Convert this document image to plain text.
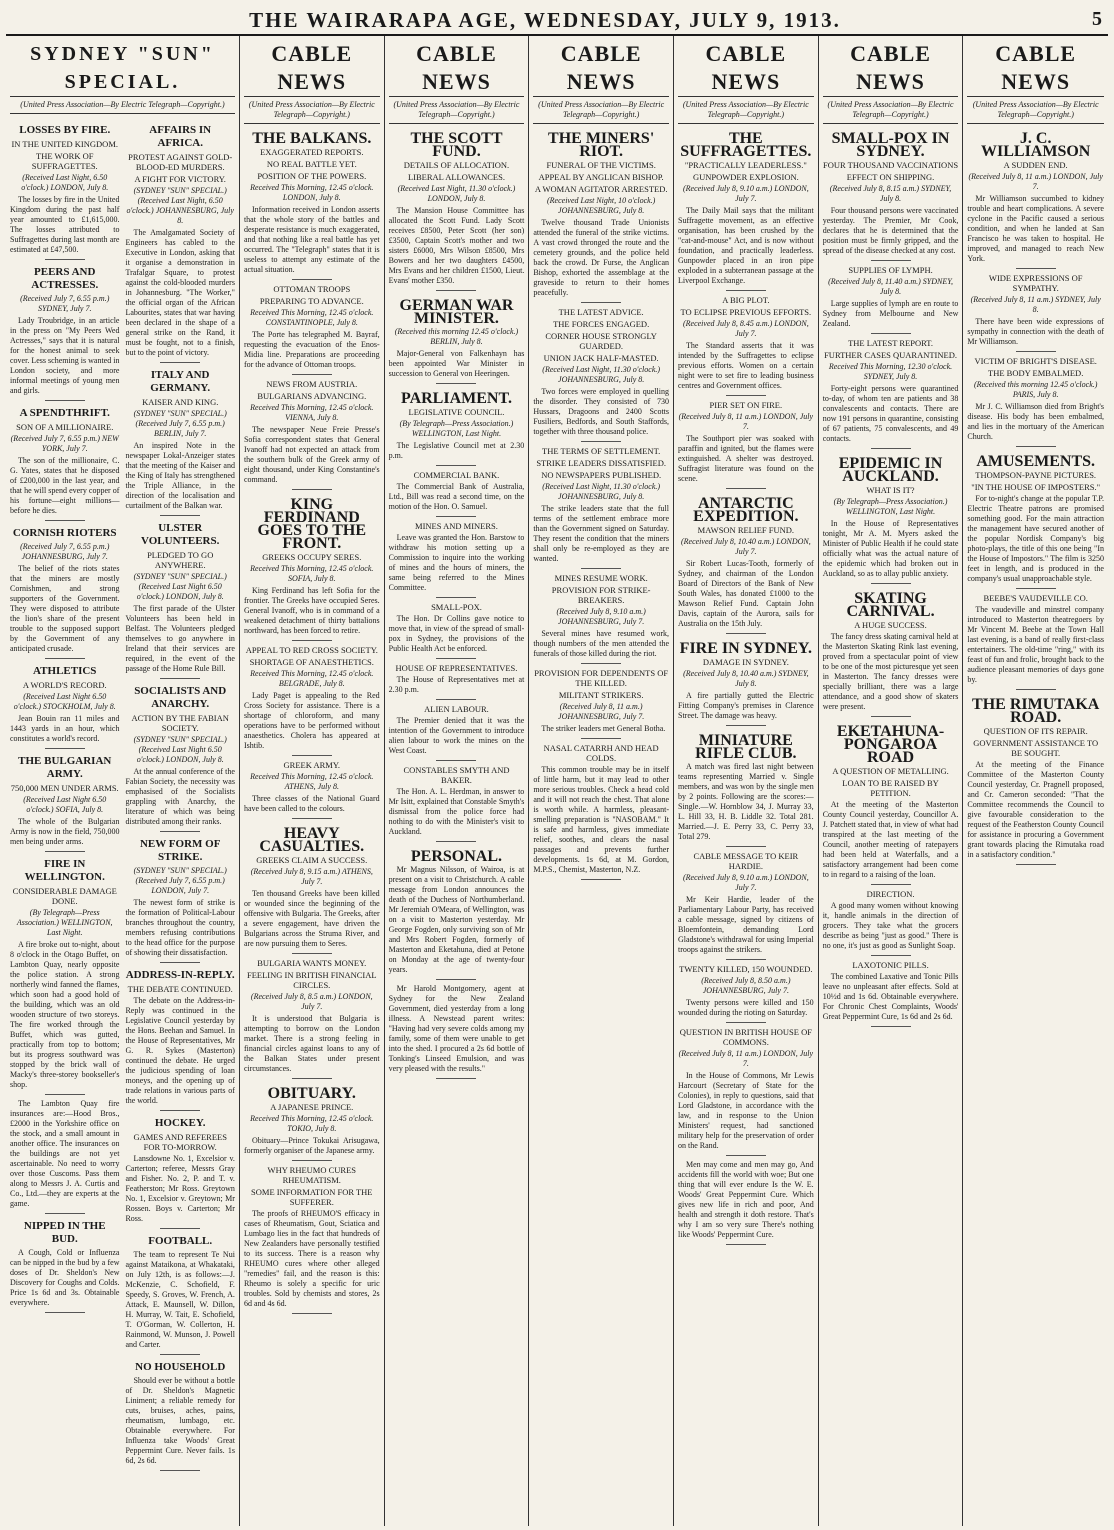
THE WAIRARAPA AGE, WEDNESDAY, JULY 9, 1913.	5
SYDNEY "SUN" SPECIAL.
(United Press Association—By Electric Telegraph—Copyright.)
LOSSES BY FIRE.
IN THE UNITED KINGDOM.
THE WORK OF SUFFRAGETTES.
(Received Last Night, 6.50 o'clock.) LONDON, July 8.
The losses by fire in the United Kingdom during the past half year amounted to £1,615,000. The losses attributed to Suffragettes during last month are estimated at £47,500.
PEERS AND ACTRESSES.
(Received July 7, 6.55 p.m.) SYDNEY, July 7.
Lady Troubridge, in an article in the press on "My Peers Wed Actresses," says that it is natural for the honest animal to seek cover. Less scheming is wanted in London society, and more informal meetings of young men and girls.
A SPENDTHRIFT.
SON OF A MILLIONAIRE.
(Received July 7, 6.55 p.m.) NEW YORK, July 7.
The son of the millionaire, C. G. Yates, states that he disposed of £200,000 in the last year, and that he will spend every copper of his fortune—eight millions—before he dies.
CORNISH RIOTERS
(Received July 7, 6.55 p.m.) JOHANNESBURG, July 7.
The belief of the riots states that the miners are mostly Cornishmen, and strong supporters of the Government. They were disposed to attribute the lion's share of the present trouble to the supposed support by the Government of any anticipated crusade.
ATHLETICS
A WORLD'S RECORD.
(Received Last Night 6.50 o'clock.) STOCKHOLM, July 8.
Jean Bouin ran 11 miles and 1443 yards in an hour, which constitutes a world's record.
THE BULGARIAN ARMY.
750,000 MEN UNDER ARMS.
(Received Last Night 6.50 o'clock.) SOFIA, July 8.
The whole of the Bulgarian Army is now in the field, 750,000 men being under arms.
FIRE IN WELLINGTON.
CONSIDERABLE DAMAGE DONE.
(By Telegraph—Press Association.) WELLINGTON, Last Night.
A fire broke out to-night, about 8 o'clock in the Otago Buffet, on Lambton Quay, nearly opposite the police station. A strong northerly wind fanned the flames, which soon had a good hold of the building, which was an old wooden structure of two storeys. The fire worked through the Buffet, which was gutted, practically from top to bottom; but its progress southward was stopped by the brick wall of Macky's three-storey bookseller's shop.
The Lambton Quay fire insurances are:—Hood Bros., £2000 in the Yorkshire office on the stock, and a small amount in another office. The insurances on the buildings are not yet ascertainable. No need to worry over those Cuscoms. Pass them along to Messrs J. A. Curtis and Co., Ltd.—they are experts at the game.
NIPPED IN THE BUD.
A Cough, Cold or Influenza can be nipped in the bud by a few doses of Dr. Sheldon's New Discovery for Coughs and Colds. Price 1s 6d and 3s. Obtainable everywhere.
AFFAIRS IN AFRICA.
PROTEST AGAINST GOLD-BLOOD-ED MURDERS.
A FIGHT FOR VICTORY.
(SYDNEY "SUN" SPECIAL.) (Received Last Night, 6.50 o'clock.) JOHANNESBURG, July 8.
The Amalgamated Society of Engineers has cabled to the Executive in London, asking that it organise a demonstration in Trafalgar Square, to protest against the cold-blooded murders in Johannesburg. "The Worker," the official organ of the African Labourites, states that war having been declared in the shape of a general strike on the Rand, it must be fought, not to a finish, but to the point of victory.
ITALY AND GERMANY.
KAISER AND KING.
(SYDNEY "SUN" SPECIAL.) (Received July 7, 6.55 p.m.) BERLIN, July 7.
An inspired Note in the newspaper Lokal-Anzeiger states that the meeting of the Kaiser and the King of Italy has strengthened the Triple Alliance, in the direction of the localisation and curtailment of the Balkan war.
ULSTER VOLUNTEERS.
PLEDGED TO GO ANYWHERE.
(SYDNEY "SUN" SPECIAL.) (Received Last Night 6.50 o'clock.) LONDON, July 8.
The first parade of the Ulster Volunteers has been held in Belfast. The Volunteers pledged themselves to go anywhere in Ireland that their services are required, in the event of the passage of the Home Rule Bill.
SOCIALISTS AND ANARCHY.
ACTION BY THE FABIAN SOCIETY.
(SYDNEY "SUN" SPECIAL.) (Received Last Night 6.50 o'clock.) LONDON, July 8.
At the annual conference of the Fabian Society, the necessity was emphasised of the Socialists grappling with Anarchy, the literature of which was being distributed among their ranks.
NEW FORM OF STRIKE.
(SYDNEY "SUN" SPECIAL.) (Received July 7, 6.55 p.m.) LONDON, July 7.
The newest form of strike is the formation of Political-Labour branches throughout the country, members refusing contributions to the head office for the purpose of showing their dissatisfaction.
ADDRESS-IN-REPLY.
THE DEBATE CONTINUED.
The debate on the Address-in-Reply was continued in the Legislative Council yesterday by the Hons. Beehan and Samuel. In the House of Representatives, Mr G. R. Sykes (Masterton) continued the debate. He urged the judicious spending of loan moneys, and the opening up of trade relations in various parts of the world.
HOCKEY.
GAMES AND REFEREES FOR TO-MORROW.
Lansdowne No. 1, Excelsior v. Carterton; referee, Messrs Gray and Fisher. No. 2, P. and T. v. Featherston; Mr Ross. Greytown No. 1, Excelsior v. Greytown; Mr Rossen. Boys v. Carterton; Mr Ross.
FOOTBALL.
The team to represent Te Nui against Mataikona, at Whakataki, on July 12th, is as follows:—J. McKenzie, C. Schofield, F. Speedy, S. Groves, W. French, A. Attack, E. Maunsell, W. Dillon, H. Murray, W. Tait, E. Schofield, T. O'Gorman, W. Collerton, H. Rainmond, W. Munson, J. Powell and Carter.
NO HOUSEHOLD
Should ever be without a bottle of Dr. Sheldon's Magnetic Liniment; a reliable remedy for cuts, bruises, aches, pains, rheumatism, lumbago, etc. Obtainable everywhere. For Influenza take Woods' Great Peppermint Cure. Never fails. 1s 6d, 2s 6d.
CABLE NEWS
(United Press Association—By Electric Telegraph—Copyright.)
THE BALKANS.
EXAGGERATED REPORTS.
NO REAL BATTLE YET.
POSITION OF THE POWERS.
Received This Morning, 12.45 o'clock. LONDON, July 8.
Information received in London asserts that the whole story of the battles and desperate resistance is much exaggerated, and that nothing like a real battle has yet occurred. The "Telegraph" states that it is useless to attempt any estimate of the actual situation.
OTTOMAN TROOPS
PREPARING TO ADVANCE.
Received This Morning, 12.45 o'clock. CONSTANTINOPLE, July 8.
The Porte has telegraphed M. Bayraf, requesting the evacuation of the Enos-Midia line. Preparations are proceeding for the advance of Ottoman troops.
NEWS FROM AUSTRIA.
BULGARIANS ADVANCING.
Received This Morning, 12.45 o'clock. VIENNA, July 8.
The newspaper Neue Freie Presse's Sofia correspondent states that General Ivanoff had not expected an attack from the southern bulk of the Greek army of eight thousand, under King Constantine's command.
KING FERDINAND GOES TO THE FRONT.
GREEKS OCCUPY SERES.
Received This Morning, 12.45 o'clock. SOFIA, July 8.
King Ferdinand has left Sofia for the frontier. The Greeks have occupied Seres. General Ivanoff, who is in command of a weakened detachment of thirty battalions northward, has been forced to retire.
APPEAL TO RED CROSS SOCIETY.
SHORTAGE OF ANAESTHETICS.
Received This Morning, 12.45 o'clock. BELGRADE, July 8.
Lady Paget is appealing to the Red Cross Society for assistance. There is a shortage of chloroform, and many operations have to be performed without anaesthetics. Cholera has appeared at Ishtib.
GREEK ARMY.
Received This Morning, 12.45 o'clock. ATHENS, July 8.
Three classes of the National Guard have been called to the colours.
HEAVY CASUALTIES.
GREEKS CLAIM A SUCCESS.
(Received July 8, 9.15 a.m.) ATHENS, July 7.
Ten thousand Greeks have been killed or wounded since the beginning of the offensive with Bulgaria. The Greeks, after a severe engagement, have driven the Bulgarians across the Struma River, and are now pursuing them to Seres.
BULGARIA WANTS MONEY.
FEELING IN BRITISH FINANCIAL CIRCLES.
(Received July 8, 8.5 a.m.) LONDON, July 7.
It is understood that Bulgaria is attempting to borrow on the London market. There is a strong feeling in financial circles against loans to any of the Balkan States under present circumstances.
OBITUARY.
A JAPANESE PRINCE.
Received This Morning, 12.45 o'clock. TOKIO, July 8.
Obituary—Prince Tokukai Arisugawa, formerly organiser of the Japanese army.
WHY RHEUMO CURES RHEUMATISM.
SOME INFORMATION FOR THE SUFFERER.
The proofs of RHEUMO'S efficacy in cases of Rheumatism, Gout, Sciatica and Lumbago lies in the fact that hundreds of New Zealanders have personally testified to its success. There is a reason why RHEUMO cures where other alleged "remedies" fail, and the reason is this: Rheumo is solely a specific for uric troubles. Sold by chemists and stores, 2s 6d and 4s 6d.
CABLE NEWS
(United Press Association—By Electric Telegraph—Copyright.)
THE SCOTT FUND.
DETAILS OF ALLOCATION.
LIBERAL ALLOWANCES.
(Received Last Night, 11.30 o'clock.) LONDON, July 8.
The Mansion House Committee has allocated the Scott Fund. Lady Scott receives £8500, Peter Scott (her son) £3500, Captain Scott's mother and two sisters £6000, Mrs Wilson £8500, Mrs Bowers and her two daughters £4500, Mrs Evans and her children £1500, Lieut. Evans' mother £350.
GERMAN WAR MINISTER.
(Received this morning 12.45 o'clock.) BERLIN, July 8.
Major-General von Falkenhayn has been appointed War Minister in succession to General von Heeringen.
PARLIAMENT.
LEGISLATIVE COUNCIL.
(By Telegraph—Press Association.) WELLINGTON, Last Night.
The Legislative Council met at 2.30 p.m.
COMMERCIAL BANK.
The Commercial Bank of Australia, Ltd., Bill was read a second time, on the motion of the Hon. O. Samuel.
MINES AND MINERS.
Leave was granted the Hon. Barstow to withdraw his motion setting up a Commission to inquire into the working of mines and the hours of miners, the same being referred to the Mines Committee.
SMALL-POX.
The Hon. Dr Collins gave notice to move that, in view of the spread of small-pox in Sydney, the provisions of the Public Health Act be enforced.
HOUSE OF REPRESENTATIVES.
The House of Representatives met at 2.30 p.m.
ALIEN LABOUR.
The Premier denied that it was the intention of the Government to introduce alien labour to work the mines on the West Coast.
CONSTABLES SMYTH AND BAKER.
The Hon. A. L. Herdman, in answer to Mr Isitt, explained that Constable Smyth's dismissal from the police force had nothing to do with the Minister's visit to Auckland.
PERSONAL.
Mr Magnus Nilsson, of Wairoa, is at present on a visit to Christchurch. A cable message from London announces the death of the Duchess of Northumberland. Mr Jeremiah O'Meara, of Wellington, was on a visit to Masterton yesterday. Mr George Fogden, only surviving son of Mr and Mrs Robert Fogden, formerly of Masterton and Eketahuna, died at Petone on Monday at the age of twenty-four years.
Mr Harold Montgomery, agent at Sydney for the New Zealand Government, died yesterday from a long illness. A Newstead parent writes: "Having had very severe colds among my family, some of them were unable to get into the shed. I procured a 2s 6d bottle of Tonking's Linseed Emulsion, and was very pleased with the results."
CABLE NEWS
(United Press Association—By Electric Telegraph—Copyright.)
THE MINERS' RIOT.
FUNERAL OF THE VICTIMS.
APPEAL BY ANGLICAN BISHOP.
A WOMAN AGITATOR ARRESTED.
(Received Last Night, 10 o'clock.) JOHANNESBURG, July 8.
Twelve thousand Trade Unionists attended the funeral of the strike victims. A vast crowd thronged the route and the cemetery grounds, and the police held back the crowd. Dr Furse, the Anglican Bishop, exhorted the assemblage at the graveside to return to their homes peacefully.
THE LATEST ADVICE.
THE FORCES ENGAGED.
CORNER HOUSE STRONGLY GUARDED.
UNION JACK HALF-MASTED.
(Received Last Night, 11.30 o'clock.) JOHANNESBURG, July 8.
Two forces were employed in quelling the disorder. They consisted of 730 Hussars, Dragoons and 2400 Scotts Fusiliers, Bedfords, and South Staffords, together with three thousand police.
THE TERMS OF SETTLEMENT.
STRIKE LEADERS DISSATISFIED.
NO NEWSPAPERS PUBLISHED.
(Received Last Night, 11.30 o'clock.) JOHANNESBURG, July 8.
The strike leaders state that the full terms of the settlement embrace more than the Government signed on Saturday. They resent the condition that the miners shall only be re-employed as they are wanted.
MINES RESUME WORK.
PROVISION FOR STRIKE-BREAKERS.
(Received July 8, 9.10 a.m.) JOHANNESBURG, July 7.
Several mines have resumed work, though numbers of the men attended the funerals of those killed during the riot.
PROVISION FOR DEPENDENTS OF THE KILLED.
MILITANT STRIKERS.
(Received July 8, 11 a.m.) JOHANNESBURG, July 7.
The striker leaders met General Botha.
NASAL CATARRH AND HEAD COLDS.
This common trouble may be in itself of little harm, but it may lead to other more serious troubles. Check a head cold and it will not reach the chest. That alone is worth while. A harmless, pleasant-smelling preparation is "NASOBAM." It is safe and harmless, gives immediate relief, soothes, and clears the nasal passages and prevents further developments. 1s 6d, at M. Gordon, M.P.S., Chemist, Masterton, N.Z.
CABLE NEWS
(United Press Association—By Electric Telegraph—Copyright.)
THE SUFFRAGETTES.
"PRACTICALLY LEADERLESS."
GUNPOWDER EXPLOSION.
(Received July 8, 9.10 a.m.) LONDON, July 7.
The Daily Mail says that the militant Suffragette movement, as an effective organisation, has been crushed by the "cat-and-mouse" Act, and is now without foundation, and practically leaderless. Gunpowder placed in an iron pipe exploded in a subterranean passage at the Liverpool Exchange.
A BIG PLOT.
TO ECLIPSE PREVIOUS EFFORTS.
(Received July 8, 8.45 a.m.) LONDON, July 7.
The Standard asserts that it was intended by the Suffragettes to eclipse previous efforts. Women on a certain night were to set fire to leading business centres and Government offices.
PIER SET ON FIRE.
(Received July 8, 11 a.m.) LONDON, July 7.
The Southport pier was soaked with paraffin and ignited, but the flames were extinguished. A shelter was destroyed. Suffragist literature was found on the scene.
ANTARCTIC EXPEDITION.
MAWSON RELIEF FUND.
(Received July 8, 10.40 a.m.) LONDON, July 7.
Sir Robert Lucas-Tooth, formerly of Sydney, and chairman of the London Board of Directors of the Bank of New South Wales, has donated £1000 to the Mawson Relief Fund. Captain John Davis, captain of the Aurora, sails for Australia on the 15th July.
FIRE IN SYDNEY.
DAMAGE IN SYDNEY.
(Received July 8, 10.40 a.m.) SYDNEY, July 8.
A fire partially gutted the Electric Fitting Company's premises in Clarence Street. The damage was heavy.
MINIATURE RIFLE CLUB.
A match was fired last night between teams representing Married v. Single members, and was won by the single men by 2 points. Following are the scores:—Single.—W. Hornblow 34, J. Murray 33, L. Hill 33, H. B. Liddle 32. Total 281. Married.—J. E. Perry 33, C. Perry 33, Total 279.
CABLE MESSAGE TO KEIR HARDIE.
(Received July 8, 9.10 a.m.) LONDON, July 7.
Mr Keir Hardie, leader of the Parliamentary Labour Party, has received a cable message, signed by citizens of Bloemfontein, demanding Lord Gladstone's withdrawal for using Imperial troops against the strikers.
TWENTY KILLED, 150 WOUNDED.
(Received July 8, 8.50 a.m.) JOHANNESBURG, July 7.
Twenty persons were killed and 150 wounded during the rioting on Saturday.
QUESTION IN BRITISH HOUSE OF COMMONS.
(Received July 8, 11 a.m.) LONDON, July 7.
In the House of Commons, Mr Lewis Harcourt (Secretary of State for the Colonies), in reply to questions, said that Lord Gladstone, in accordance with the law, and in response to the Union Ministers' request, had sanctioned military help for the preservation of order on the Rand.
Men may come and men may go, And accidents fill the world with woe; But one thing that will ever endure Is the W. E. Woods' Great Peppermint Cure. Which gives new life in rich and poor, And health and strength it doth restore. That's why I am so very sure There's nothing like Woods' Peppermint Cure.
CABLE NEWS
(United Press Association—By Electric Telegraph—Copyright.)
SMALL-POX IN SYDNEY.
FOUR THOUSAND VACCINATIONS
EFFECT ON SHIPPING.
(Received July 8, 8.15 a.m.) SYDNEY, July 8.
Four thousand persons were vaccinated yesterday. The Premier, Mr Cook, declares that he is determined that the position must be firmly gripped, and the spread of the disease checked at any cost.
SUPPLIES OF LYMPH.
(Received July 8, 11.40 a.m.) SYDNEY, July 8.
Large supplies of lymph are en route to Sydney from Melbourne and New Zealand.
THE LATEST REPORT.
FURTHER CASES QUARANTINED.
Received This Morning, 12.30 o'clock. SYDNEY, July 8.
Forty-eight persons were quarantined to-day, of whom ten are patients and 38 convalescents and contacts. There are now 191 persons in quarantine, consisting of 67 patients, 75 convalescents, and 49 contacts.
EPIDEMIC IN AUCKLAND.
WHAT IS IT?
(By Telegraph—Press Association.) WELLINGTON, Last Night.
In the House of Representatives tonight, Mr A. M. Myers asked the Minister of Public Health if he could state officially what was the actual nature of the epidemic which had broken out in Auckland, so as to allay public anxiety.
SKATING CARNIVAL.
A HUGE SUCCESS.
The fancy dress skating carnival held at the Masterton Skating Rink last evening, proved from a spectacular point of view to be one of the most picturesque yet seen in Masterton. The fancy dresses were specially brilliant, there was a large attendance, and a good show of skaters were present.
EKETAHUNA-PONGAROA ROAD
A QUESTION OF METALLING.
LOAN TO BE RAISED BY PETITION.
At the meeting of the Masterton County Council yesterday, Councillor A. J. Patchett stated that, in view of what had transpired at the last meeting of the Council, another meeting of ratepayers had been held at Waterfalls, and a satisfactory arrangement had been come to in regard to a raising of the loan.
DIRECTION.
A good many women without knowing it, handle animals in the direction of grocers. They take what the grocers describe as being "just as good." There is no one, it's just as good as Sunlight Soap.
LAXOTONIC PILLS.
The combined Laxative and Tonic Pills leave no unpleasant after effects. Sold at 10½d and 1s 6d. Obtainable everywhere. For Chronic Chest Complaints, Woods' Great Peppermint Cure, 1s 6d and 2s 6d.
CABLE NEWS
(United Press Association—By Electric Telegraph—Copyright.)
J. C. WILLIAMSON
A SUDDEN END.
(Received July 8, 11 a.m.) LONDON, July 7.
Mr Williamson succumbed to kidney trouble and heart complications. A severe cyclone in the Pacific caused a serious condition, and when he landed at San Francisco he was taken to hospital. He improved, and managed to reach New York.
WIDE EXPRESSIONS OF SYMPATHY.
(Received July 8, 11 a.m.) SYDNEY, July 8.
There have been wide expressions of sympathy in connection with the death of Mr Williamson.
VICTIM OF BRIGHT'S DISEASE.
THE BODY EMBALMED.
(Received this morning 12.45 o'clock.) PARIS, July 8.
Mr J. C. Williamson died from Bright's disease. His body has been embalmed, and lies in the mortuary of the American Church.
AMUSEMENTS.
THOMPSON-PAYNE PICTURES.
"IN THE HOUSE OF IMPOSTERS."
For to-night's change at the popular T.P. Electric Theatre patrons are promised something good. For the main attraction the management have secured another of the popular Nordisk Company's big photo-plays, the title of this one being "In the House of Impostors." The film is 3250 feet in length, and is produced in the company's usual unapproachable style.
BEEBE'S VAUDEVILLE CO.
The vaudeville and minstrel company introduced to Masterton theatregoers by Mr Vincent M. Beebe at the Town Hall last evening, is a band of really first-class entertainers. The old-time "ring," with its feast of fun and frolic, brought back to the audience pleasant memories of days gone by.
THE RIMUTAKA ROAD.
QUESTION OF ITS REPAIR.
GOVERNMENT ASSISTANCE TO BE SOUGHT.
At the meeting of the Finance Committee of the Masterton County Council yesterday, Cr. Pragnell proposed, and Cr. Cameron seconded: "That the Committee recommends the Council to give favourable consideration to the request of the Featherston County Council for assistance in procuring a Government grant towards placing the Rimutaka road in a satisfactory condition."
